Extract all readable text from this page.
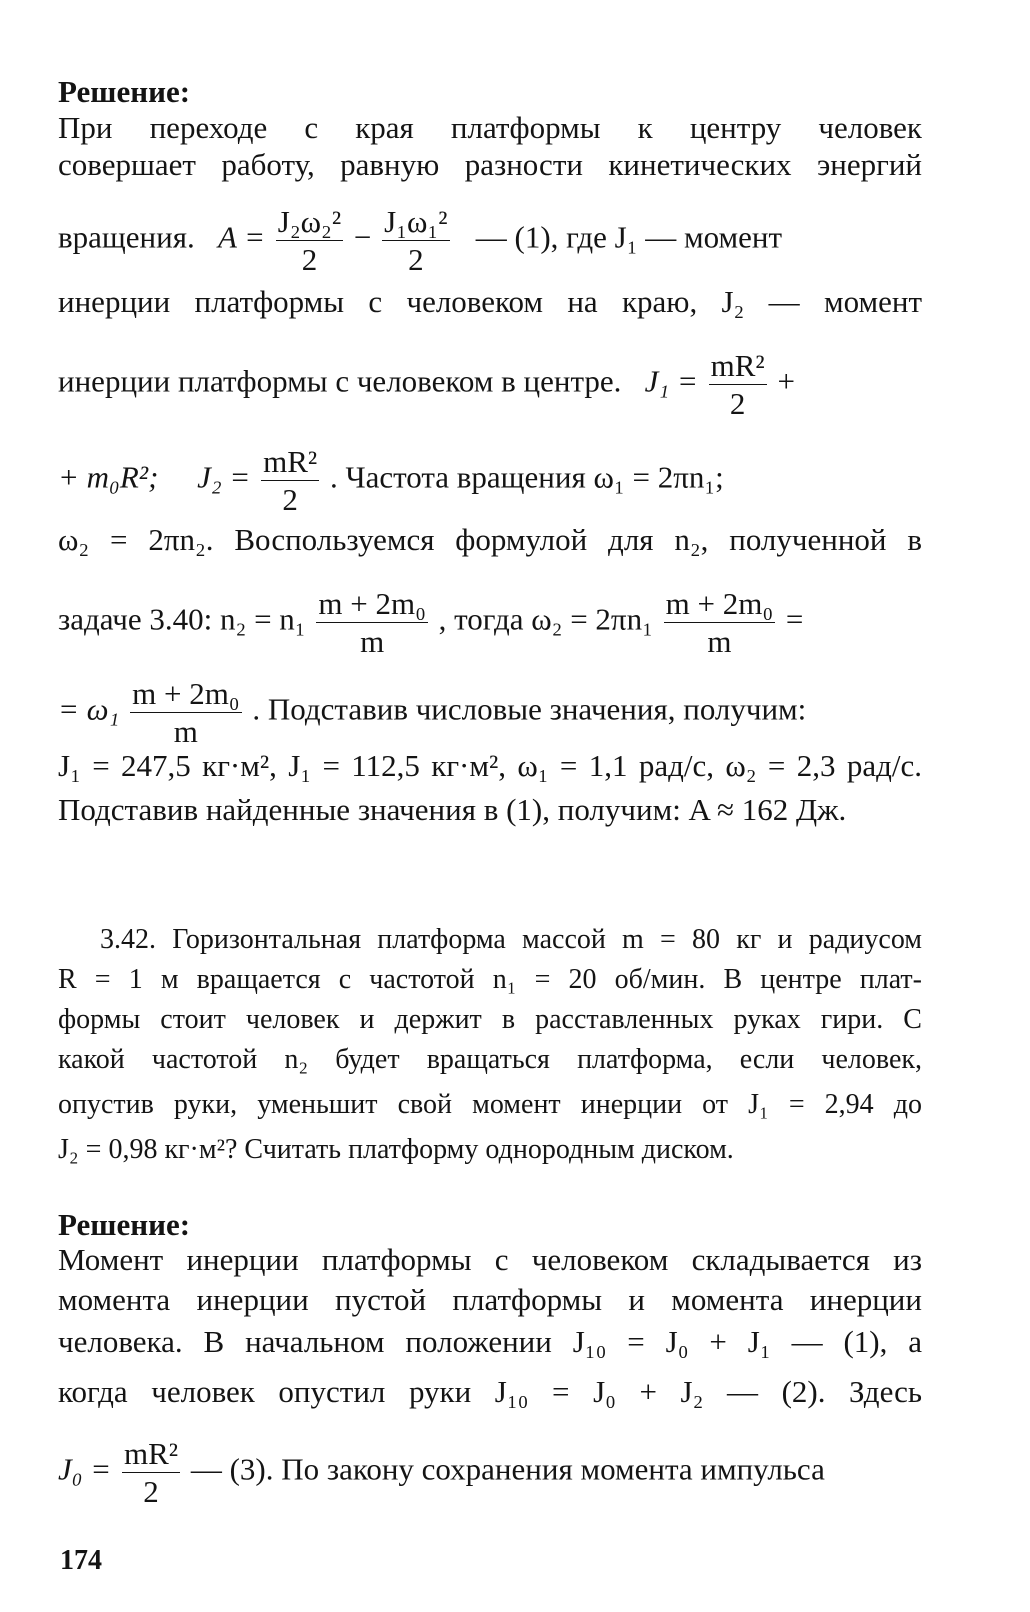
Решение:
При переходе с края платформы к центру человек
совершает работу, равную разности кинетических энергий
вращения. $A = \frac{\text{J₂ω₂²}}{2} - \frac{\text{J₁ω₁²}}{2}$ — (1), где J₁ — момент
инерции платформы с человеком на краю, J₂ — момент
инерции платформы с человеком в центре. $J_1 = \frac{\text{mR²}}{2}$ +
+ m₀R²; $J_2 = \frac{\text{mR²}}{2}$ . Частота вращения ω₁ = 2πn₁;
ω₂ = 2πn₂. Воспользуемся формулой для n₂, полученной в
задаче 3.40: $n_2 = n_1 \frac{\text{m + 2m₀}}{m}$ , тогда $\omega_2 = 2\pi n_1 \frac{\text{m + 2m₀}}{m}$ =
= $\omega_1 \frac{\text{m + 2m₀}}{m}$ . Подставив числовые значения, получим:
J₁ = 247,5 кг·м², J₁ = 112,5 кг·м², ω₁ = 1,1 рад/с, ω₂ = 2,3 рад/с.
Подставив найденные значения в (1), получим: A ≈ 162 Дж.
3.42. Горизонтальная платформа массой m = 80 кг и радиусом
R = 1 м вращается с частотой n₁ = 20 об/мин. В центре плат-
формы стоит человек и держит в расставленных руках гири. С
какой частотой n₂ будет вращаться платформа, если человек,
опустив руки, уменьшит свой момент инерции от J₁ = 2,94 до
J₂ = 0,98 кг·м²? Считать платформу однородным диском.
Решение:
Момент инерции платформы с человеком складывается из
момента инерции пустой платформы и момента инерции
человека. В начальном положении J₁₀ = J₀ + J₁ — (1), а
когда человек опустил руки J₁₀ = J₀ + J₂ — (2). Здесь
$J_0 = \frac{\text{mR²}}{2}$ — (3). По закону сохранения момента импульса
174
